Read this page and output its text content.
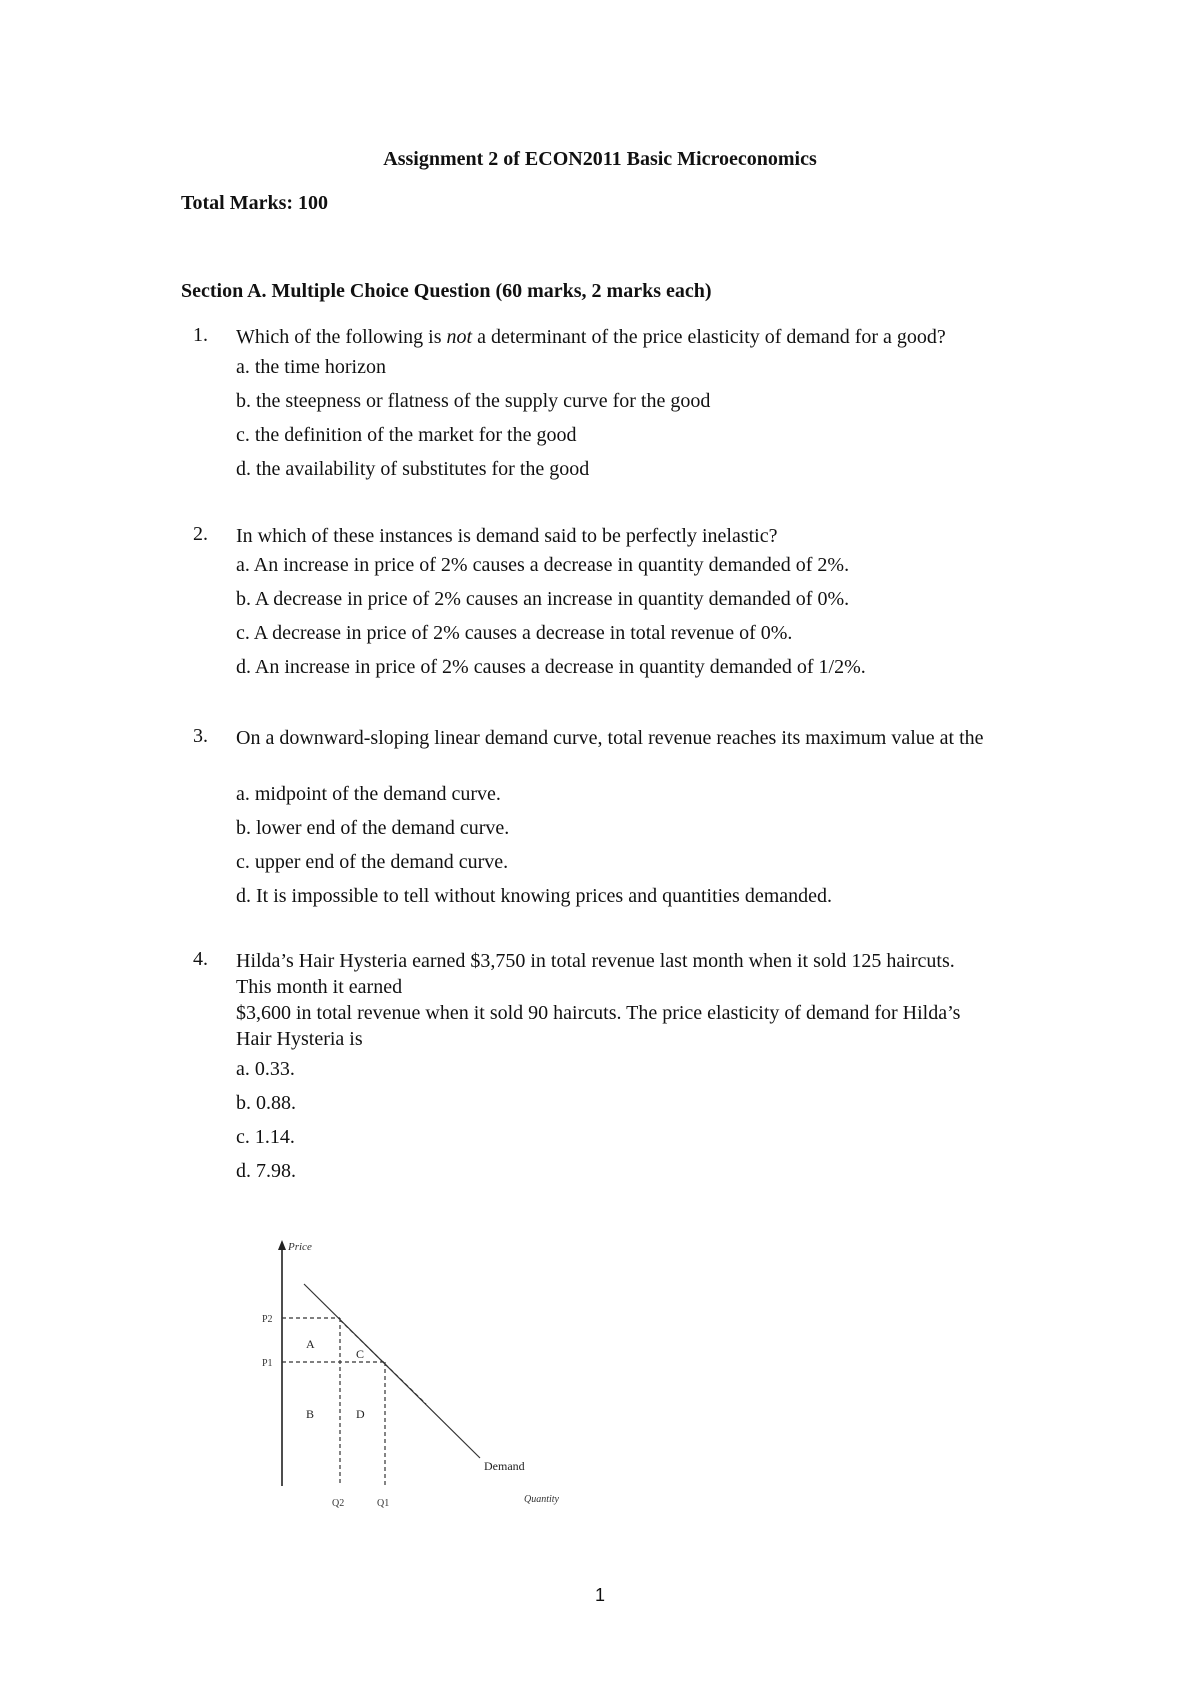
Assignment 2 of ECON2011 Basic Microeconomics
Total Marks: 100
Section A. Multiple Choice Question (60 marks, 2 marks each)
1. Which of the following is not a determinant of the price elasticity of demand for a good?
a. the time horizon
b. the steepness or flatness of the supply curve for the good
c. the definition of the market for the good
d. the availability of substitutes for the good
2. In which of these instances is demand said to be perfectly inelastic?
a. An increase in price of 2% causes a decrease in quantity demanded of 2%.
b. A decrease in price of 2% causes an increase in quantity demanded of 0%.
c. A decrease in price of 2% causes a decrease in total revenue of 0%.
d. An increase in price of 2% causes a decrease in quantity demanded of 1/2%.
3. On a downward-sloping linear demand curve, total revenue reaches its maximum value at the
a. midpoint of the demand curve.
b. lower end of the demand curve.
c. upper end of the demand curve.
d. It is impossible to tell without knowing prices and quantities demanded.
4. Hilda’s Hair Hysteria earned $3,750 in total revenue last month when it sold 125 haircuts. This month it earned
$3,600 in total revenue when it sold 90 haircuts. The price elasticity of demand for Hilda’s Hair Hysteria is
a. 0.33.
b. 0.88.
c. 1.14.
d. 7.98.
Price
P2
P1
Q2	Q1
A
C
B	D
Demand
Quantity
1
